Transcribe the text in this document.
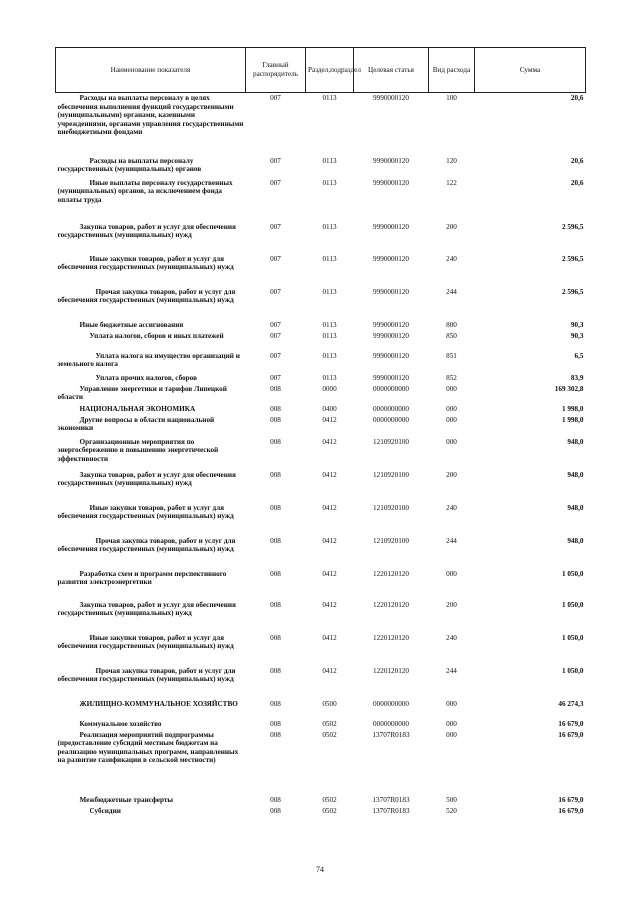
Наименование показателя	Главный распорядитель	Раздел,подраздел	Целевая статья	Вид расхода	Сумма
Расходы на выплаты персоналу в целях обеспечения выполнения функций государственными (муниципальными) органами, казенными учреждениями, органами управления государственными внебюджетными фондами	007	0113	9990000120	100	20,6
Расходы на выплаты персоналу государственных (муниципальных) органов	007	0113	9990000120	120	20,6
Иные выплаты персоналу государственных (муниципальных) органов, за исключением фонда оплаты труда	007	0113	9990000120	122	20,6
Закупка товаров, работ и услуг для обеспечения государственных (муниципальных) нужд	007	0113	9990000120	200	2 596,5
Иные закупки товаров, работ и услуг для обеспечения государственных (муниципальных) нужд	007	0113	9990000120	240	2 596,5
Прочая закупка товаров, работ и услуг для обеспечения государственных (муниципальных) нужд	007	0113	9990000120	244	2 596,5
Иные бюджетные ассигнования	007	0113	9990000120	800	90,3
Уплата налогов, сборов и иных платежей	007	0113	9990000120	850	90,3
Уплата налога на имущество организаций и земельного налога	007	0113	9990000120	851	6,5
Уплата прочих налогов, сборов	007	0113	9990000120	852	83,9
Управление энергетики и тарифов Липецкой области	008	0000	0000000000	000	169 302,8
НАЦИОНАЛЬНАЯ ЭКОНОМИКА	008	0400	0000000000	000	1 998,0
Другие вопросы в области национальной экономики	008	0412	0000000000	000	1 998,0
Организационные мероприятия по энергосбережению и повышению энергетической эффективности	008	0412	1210920100	000	948,0
Закупка товаров, работ и услуг для обеспечения государственных (муниципальных) нужд	008	0412	1210920100	200	948,0
Иные закупки товаров, работ и услуг для обеспечения государственных (муниципальных) нужд	008	0412	1210920100	240	948,0
Прочая закупка товаров, работ и услуг для обеспечения государственных (муниципальных) нужд	008	0412	1210920100	244	948,0
Разработка схем и программ перспективного развития электроэнергетики	008	0412	1220120120	000	1 050,0
Закупка товаров, работ и услуг для обеспечения государственных (муниципальных) нужд	008	0412	1220120120	200	1 050,0
Иные закупки товаров, работ и услуг для обеспечения государственных (муниципальных) нужд	008	0412	1220120120	240	1 050,0
Прочая закупка товаров, работ и услуг для обеспечения государственных (муниципальных) нужд	008	0412	1220120120	244	1 050,0
ЖИЛИЩНО-КОММУНАЛЬНОЕ ХОЗЯЙСТВО	008	0500	0000000000	000	46 274,3
Коммунальное хозяйство	008	0502	0000000000	000	16 679,0
Реализация мероприятий подпрограммы (предоставление субсидий местным бюджетам на реализацию муниципальных программ, направленных на развитие газификации в сельской местности)	008	0502	13707R0183	000	16 679,0
Межбюджетные трансферты	008	0502	13707R0183	500	16 679,0
Субсидии	008	0502	13707R0183	520	16 679,0
74
